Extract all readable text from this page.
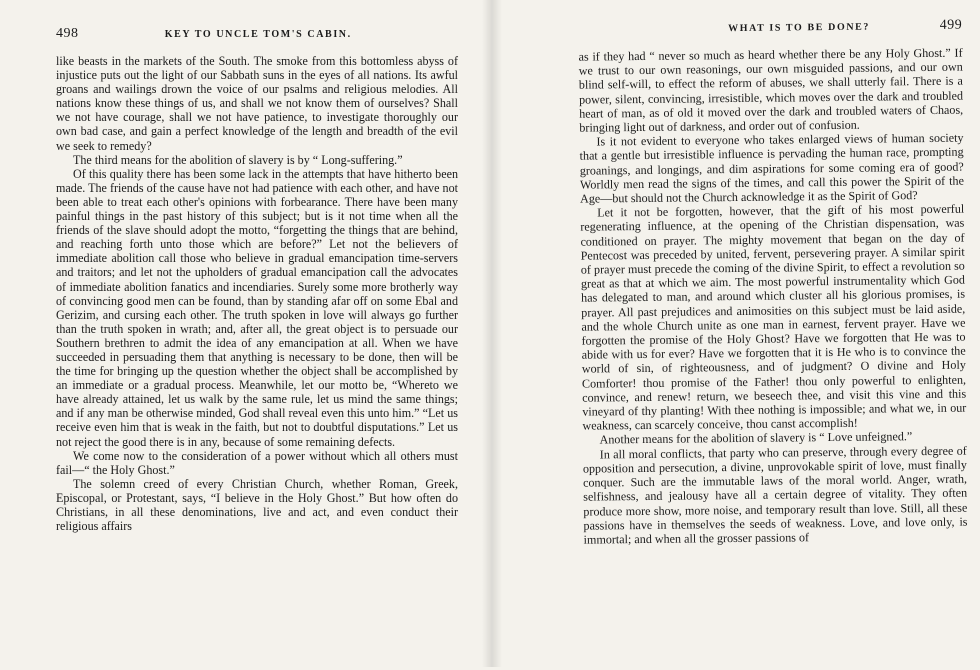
498	KEY TO UNCLE TOM'S CABIN.

like beasts in the markets of the South. The smoke from this bottomless abyss of injustice puts out the light of our Sabbath suns in the eyes of all nations. Its awful groans and wailings drown the voice of our psalms and religious melodies. All nations know these things of us, and shall we not know them of ourselves? Shall we not have courage, shall we not have patience, to investigate thoroughly our own bad case, and gain a perfect knowledge of the length and breadth of the evil we seek to remedy?

The third means for the abolition of slavery is by “ Long-suffering.”

Of this quality there has been some lack in the attempts that have hitherto been made. The friends of the cause have not had patience with each other, and have not been able to treat each other's opinions with forbearance. There have been many painful things in the past history of this subject; but is it not time when all the friends of the slave should adopt the motto, “forgetting the things that are behind, and reaching forth unto those which are before?” Let not the believers of immediate abolition call those who believe in gradual emancipation time-servers and traitors; and let not the upholders of gradual emancipation call the advocates of immediate abolition fanatics and incendiaries. Surely some more brotherly way of convincing good men can be found, than by standing afar off on some Ebal and Gerizim, and cursing each other. The truth spoken in love will always go further than the truth spoken in wrath; and, after all, the great object is to persuade our Southern brethren to admit the idea of any emancipation at all. When we have succeeded in persuading them that anything is necessary to be done, then will be the time for bringing up the question whether the object shall be accomplished by an immediate or a gradual process. Meanwhile, let our motto be, “Whereto we have already attained, let us walk by the same rule, let us mind the same things; and if any man be otherwise minded, God shall reveal even this unto him.” “Let us receive even him that is weak in the faith, but not to doubtful disputations.” Let us not reject the good there is in any, because of some remaining defects.

We come now to the consideration of a power without which all others must fail—“ the Holy Ghost.”

The solemn creed of every Christian Church, whether Roman, Greek, Episcopal, or Protestant, says, “I believe in the Holy Ghost.” But how often do Christians, in all these denominations, live and act, and even conduct their religious affairs

WHAT IS TO BE DONE?	499

as if they had “ never so much as heard whether there be any Holy Ghost.” If we trust to our own reasonings, our own misguided passions, and our own blind self-will, to effect the reform of abuses, we shall utterly fail. There is a power, silent, convincing, irresistible, which moves over the dark and troubled heart of man, as of old it moved over the dark and troubled waters of Chaos, bringing light out of darkness, and order out of confusion.

Is it not evident to everyone who takes enlarged views of human society that a gentle but irresistible influence is pervading the human race, prompting groanings, and longings, and dim aspirations for some coming era of good? Worldly men read the signs of the times, and call this power the Spirit of the Age—but should not the Church acknowledge it as the Spirit of God?

Let it not be forgotten, however, that the gift of his most powerful regenerating influence, at the opening of the Christian dispensation, was conditioned on prayer. The mighty movement that began on the day of Pentecost was preceded by united, fervent, persevering prayer. A similar spirit of prayer must precede the coming of the divine Spirit, to effect a revolution so great as that at which we aim. The most powerful instrumentality which God has delegated to man, and around which cluster all his glorious promises, is prayer. All past prejudices and animosities on this subject must be laid aside, and the whole Church unite as one man in earnest, fervent prayer. Have we forgotten the promise of the Holy Ghost? Have we forgotten that He was to abide with us for ever? Have we forgotten that it is He who is to convince the world of sin, of righteousness, and of judgment? O divine and Holy Comforter! thou promise of the Father! thou only powerful to enlighten, convince, and renew! return, we beseech thee, and visit this vine and this vineyard of thy planting! With thee nothing is impossible; and what we, in our weakness, can scarcely conceive, thou canst accomplish!

Another means for the abolition of slavery is “ Love unfeigned.”

In all moral conflicts, that party who can preserve, through every degree of opposition and persecution, a divine, unprovokable spirit of love, must finally conquer. Such are the immutable laws of the moral world. Anger, wrath, selfishness, and jealousy have all a certain degree of vitality. They often produce more show, more noise, and temporary result than love. Still, all these passions have in themselves the seeds of weakness. Love, and love only, is immortal; and when all the grosser passions of
